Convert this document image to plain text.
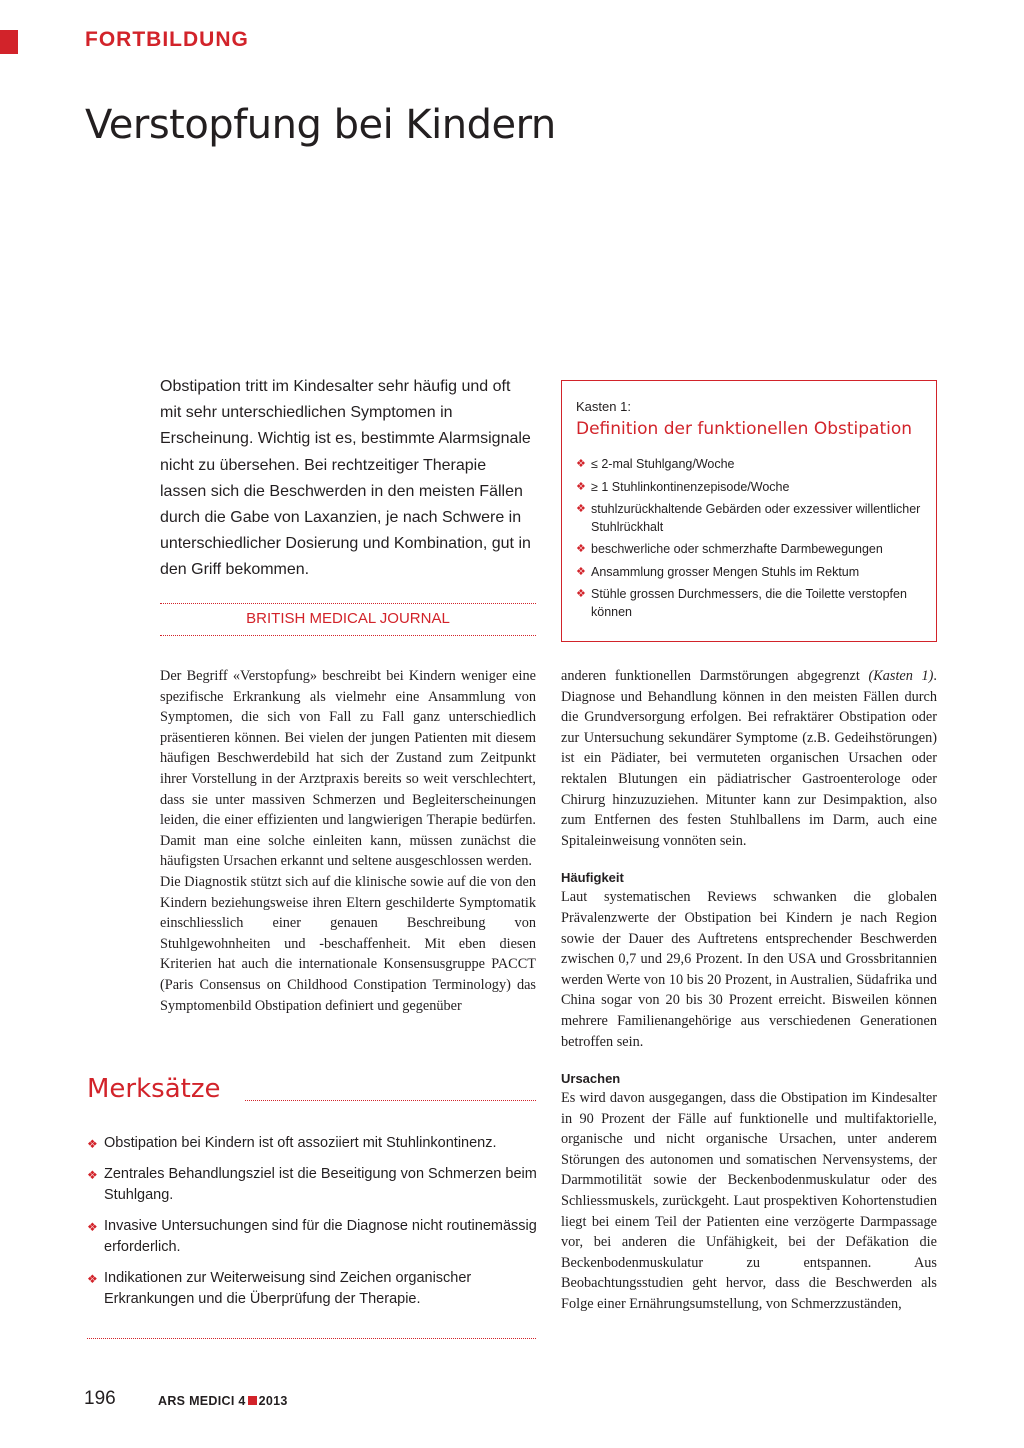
FORTBILDUNG
Verstopfung bei Kindern

Obstipation tritt im Kindesalter sehr häufig und oft mit sehr unterschiedlichen Symptomen in Erscheinung. Wichtig ist es, bestimmte Alarmsignale nicht zu übersehen. Bei rechtzeitiger Therapie lassen sich die Beschwerden in den meisten Fällen durch die Gabe von Laxanzien, je nach Schwere in unterschiedlicher Dosierung und Kombination, gut in den Griff bekommen.

BRITISH MEDICAL JOURNAL
Kasten 1:
Definition der funktionellen Obstipation
❖ ≤ 2-mal Stuhlgang/Woche
❖ ≥ 1 Stuhlinkontinenzepisode/Woche
❖ stuhlzurückhaltende Gebärden oder exzessiver willentlicher Stuhlrückhalt
❖ beschwerliche oder schmerzhafte Darmbewegungen
❖ Ansammlung grosser Mengen Stuhls im Rektum
❖ Stühle grossen Durchmessers, die die Toilette verstopfen können

Der Begriff «Verstopfung» beschreibt bei Kindern weniger eine spezifische Erkrankung als vielmehr eine Ansammlung von Symptomen, die sich von Fall zu Fall ganz unterschiedlich präsentieren können. Bei vielen der jungen Patienten mit diesem häufigen Beschwerdebild hat sich der Zustand zum Zeitpunkt ihrer Vorstellung in der Arztpraxis bereits so weit verschlechtert, dass sie unter massiven Schmerzen und Begleiterscheinungen leiden, die einer effizienten und langwierigen Therapie bedürfen. Damit man eine solche einleiten kann, müssen zunächst die häufigsten Ursachen erkannt und seltene ausgeschlossen werden.

Die Diagnostik stützt sich auf die klinische sowie auf die von den Kindern beziehungsweise ihren Eltern geschilderte Symptomatik einschliesslich einer genauen Beschreibung von Stuhlgewohnheiten und -beschaffenheit. Mit eben diesen Kriterien hat auch die internationale Konsensusgruppe PACCT (Paris Consensus on Childhood Constipation Terminology) das Symptomenbild Obstipation definiert und gegenüber

anderen funktionellen Darmstörungen abgegrenzt (Kasten 1). Diagnose und Behandlung können in den meisten Fällen durch die Grundversorgung erfolgen. Bei refraktärer Obstipation oder zur Untersuchung sekundärer Symptome (z.B. Gedeihstörungen) ist ein Pädiater, bei vermuteten organischen Ursachen oder rektalen Blutungen ein pädiatrischer Gastroenterologe oder Chirurg hinzuzuziehen. Mitunter kann zur Desimpaktion, also zum Entfernen des festen Stuhlballens im Darm, auch eine Spitaleinweisung vonnöten sein.

Häufigkeit

Laut systematischen Reviews schwanken die globalen Prävalenzwerte der Obstipation bei Kindern je nach Region sowie der Dauer des Auftretens entsprechender Beschwerden zwischen 0,7 und 29,6 Prozent. In den USA und Grossbritannien werden Werte von 10 bis 20 Prozent, in Australien, Südafrika und China sogar von 20 bis 30 Prozent erreicht. Bisweilen können mehrere Familienangehörige aus verschiedenen Generationen betroffen sein.

Ursachen

Es wird davon ausgegangen, dass die Obstipation im Kindesalter in 90 Prozent der Fälle auf funktionelle und multifaktorielle, organische und nicht organische Ursachen, unter anderem Störungen des autonomen und somatischen Nervensystems, der Darmmotilität sowie der Beckenbodenmuskulatur oder des Schliessmuskels, zurückgeht. Laut prospektiven Kohortenstudien liegt bei einem Teil der Patienten eine verzögerte Darmpassage vor, bei anderen die Unfähigkeit, bei der Defäkation die Beckenbodenmuskulatur zu entspannen. Aus Beobachtungsstudien geht hervor, dass die Beschwerden als Folge einer Ernährungsumstellung, von Schmerzzuständen,

Merksätze
❖ Obstipation bei Kindern ist oft assoziiert mit Stuhlinkontinenz.
❖ Zentrales Behandlungsziel ist die Beseitigung von Schmerzen beim Stuhlgang.
❖ Invasive Untersuchungen sind für die Diagnose nicht routinemässig erforderlich.
❖ Indikationen zur Weiterweisung sind Zeichen organischer Erkrankungen und die Überprüfung der Therapie.
196	ARS MEDICI 4 2013
